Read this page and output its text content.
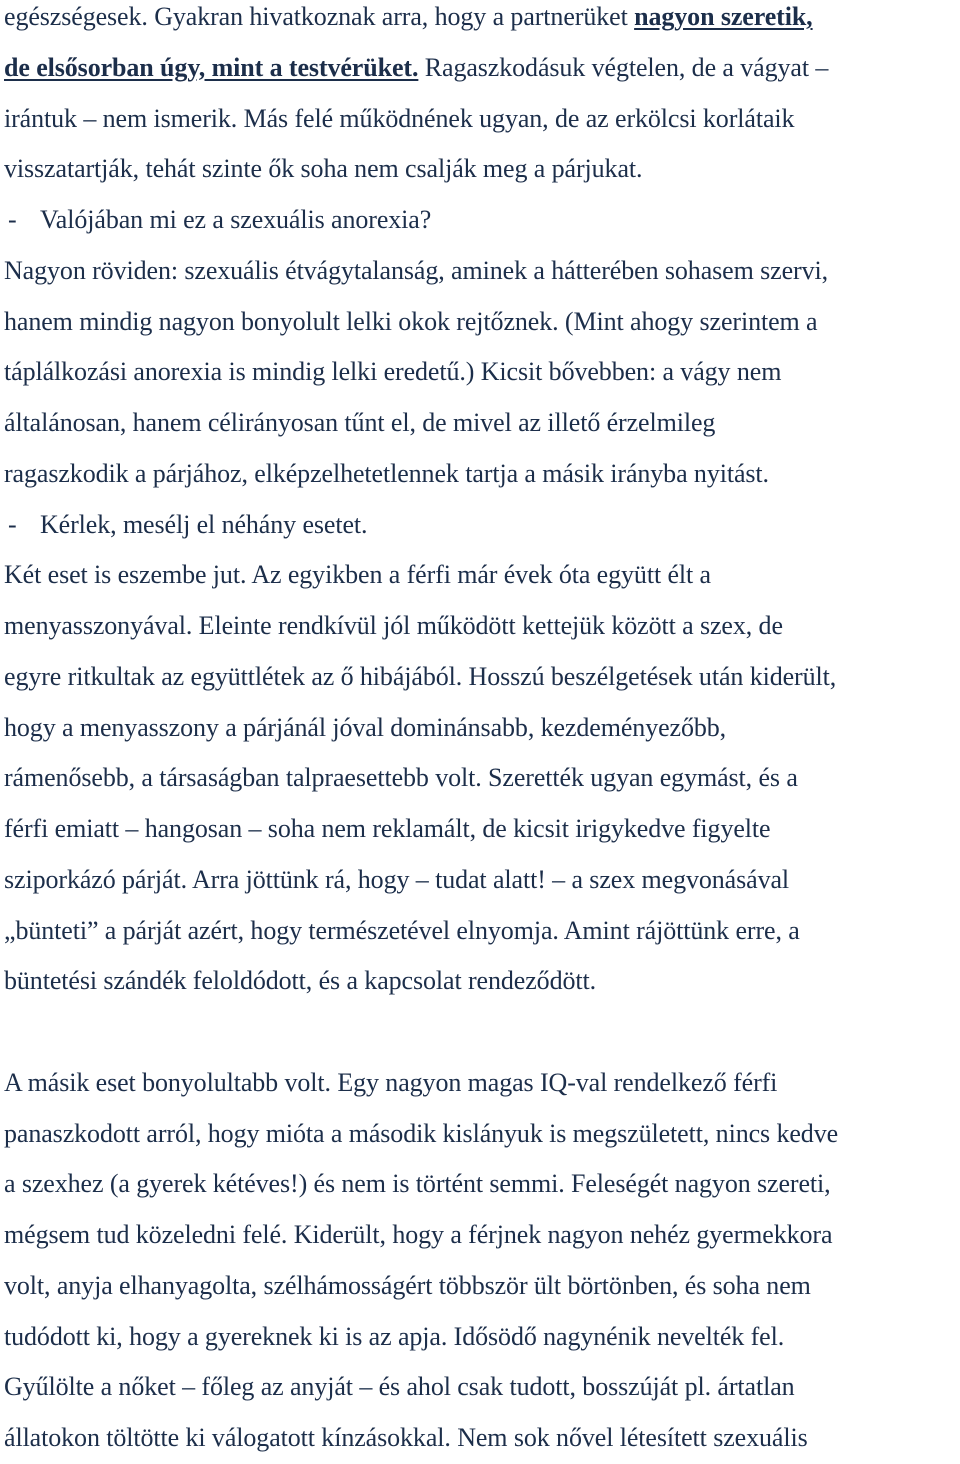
egészségesek. Gyakran hivatkoznak arra, hogy a partnerüket nagyon szeretik,
de elsősorban úgy, mint a testvérüket. Ragaszkodásuk végtelen, de a vágyat –
irántuk – nem ismerik. Más felé működnének ugyan, de az erkölcsi korlátaik
visszatartják, tehát szinte ők soha nem csalják meg a párjukat.
- Valójában mi ez a szexuális anorexia?
Nagyon röviden: szexuális étvágytalanság, aminek a hátterében sohasem szervi,
hanem mindig nagyon bonyolult lelki okok rejtőznek. (Mint ahogy szerintem a
táplálkozási anorexia is mindig lelki eredetű.) Kicsit bővebben: a vágy nem
általánosan, hanem célirányosan tűnt el, de mivel az illető érzelmileg
ragaszkodik a párjához, elképzelhetetlennek tartja a másik irányba nyitást.
- Kérlek, mesélj el néhány esetet.
Két eset is eszembe jut. Az egyikben a férfi már évek óta együtt élt a
menyasszonyával. Eleinte rendkívül jól működött kettejük között a szex, de
egyre ritkultak az együttlétek az ő hibájából. Hosszú beszélgetések után kiderült,
hogy a menyasszony a párjánál jóval dominánsabb, kezdeményezőbb,
rámenősebb, a társaságban talpraesettebb volt. Szerették ugyan egymást, és a
férfi emiatt – hangosan – soha nem reklamált, de kicsit irigykedve figyelte
sziporkázó párját. Arra jöttünk rá, hogy – tudat alatt! – a szex megvonásával
„bünteti” a párját azért, hogy természetével elnyomja. Amint rájöttünk erre, a
büntetési szándék feloldódott, és a kapcsolat rendeződött.
A másik eset bonyolultabb volt. Egy nagyon magas IQ-val rendelkező férfi
panaszkodott arról, hogy mióta a második kislányuk is megszületett, nincs kedve
a szexhez (a gyerek kétéves!) és nem is történt semmi. Feleségét nagyon szereti,
mégsem tud közeledni felé. Kiderült, hogy a férjnek nagyon nehéz gyermekkora
volt, anyja elhanyagolta, szélhámosságért többször ült börtönben, és soha nem
tudódott ki, hogy a gyereknek ki is az apja. Idősödő nagynénik nevelték fel.
Gyűlölte a nőket – főleg az anyját – és ahol csak tudott, bosszúját pl. ártatlan
állatokon töltötte ki válogatott kínzásokkal. Nem sok nővel létesített szexuális
